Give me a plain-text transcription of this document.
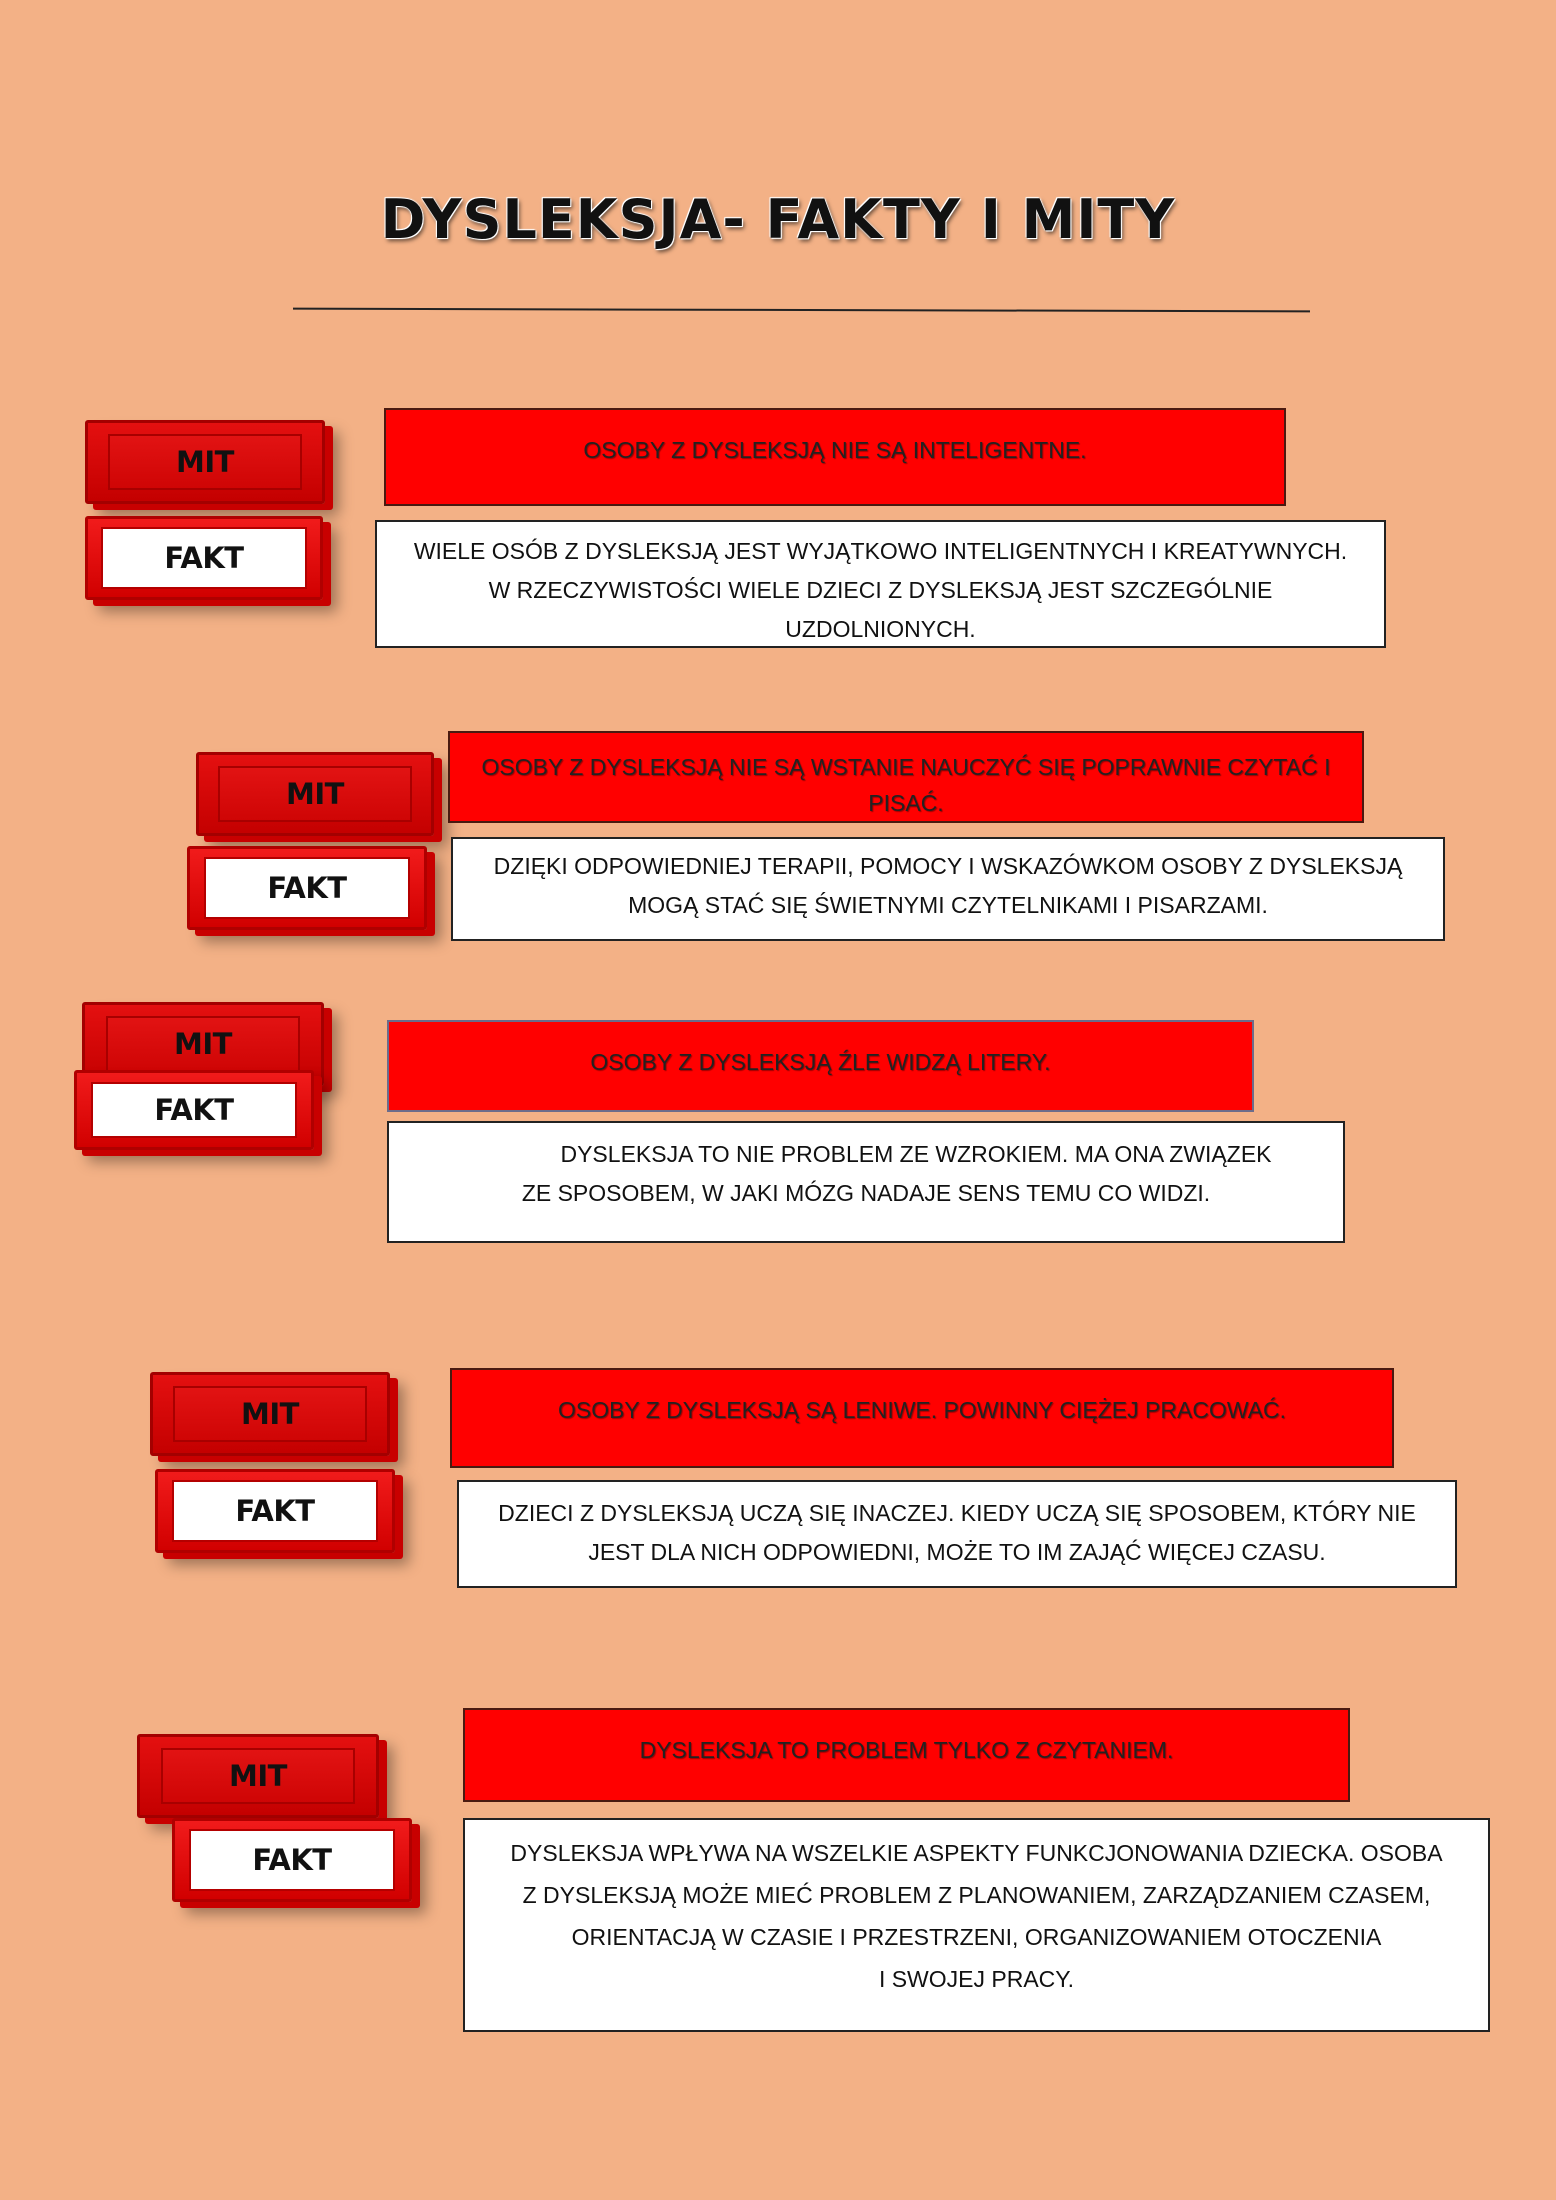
DYSLEKSJA- FAKTY I MITY
MIT
FAKT
OSOBY Z DYSLEKSJĄ NIE SĄ INTELIGENTNE.
WIELE OSÓB Z DYSLEKSJĄ JEST WYJĄTKOWO INTELIGENTNYCH I KREATYWNYCH.
W RZECZYWISTOŚCI WIELE DZIECI Z DYSLEKSJĄ JEST SZCZEGÓLNIE
UZDOLNIONYCH.
MIT
FAKT
OSOBY Z DYSLEKSJĄ NIE SĄ WSTANIE NAUCZYĆ SIĘ POPRAWNIE CZYTAĆ I PISAĆ.
DZIĘKI ODPOWIEDNIEJ TERAPII, POMOCY I WSKAZÓWKOM OSOBY Z DYSLEKSJĄ
MOGĄ STAĆ SIĘ ŚWIETNYMI CZYTELNIKAMI I PISARZAMI.
MIT
FAKT
OSOBY Z DYSLEKSJĄ ŹLE WIDZĄ LITERY.
DYSLEKSJA TO NIE PROBLEM ZE WZROKIEM. MA ONA ZWIĄZEK
ZE SPOSOBEM, W JAKI MÓZG NADAJE SENS TEMU CO WIDZI.
MIT
FAKT
OSOBY Z DYSLEKSJĄ SĄ LENIWE. POWINNY CIĘŻEJ PRACOWAĆ.
DZIECI Z DYSLEKSJĄ UCZĄ SIĘ INACZEJ. KIEDY UCZĄ SIĘ SPOSOBEM, KTÓRY NIE
JEST DLA NICH ODPOWIEDNI, MOŻE TO IM ZAJĄĆ WIĘCEJ CZASU.
MIT
FAKT
DYSLEKSJA TO PROBLEM TYLKO Z CZYTANIEM.
DYSLEKSJA WPŁYWA NA WSZELKIE ASPEKTY FUNKCJONOWANIA DZIECKA. OSOBA
Z DYSLEKSJĄ MOŻE MIEĆ PROBLEM Z PLANOWANIEM, ZARZĄDZANIEM CZASEM,
ORIENTACJĄ W CZASIE I PRZESTRZENI, ORGANIZOWANIEM OTOCZENIA
I SWOJEJ PRACY.
